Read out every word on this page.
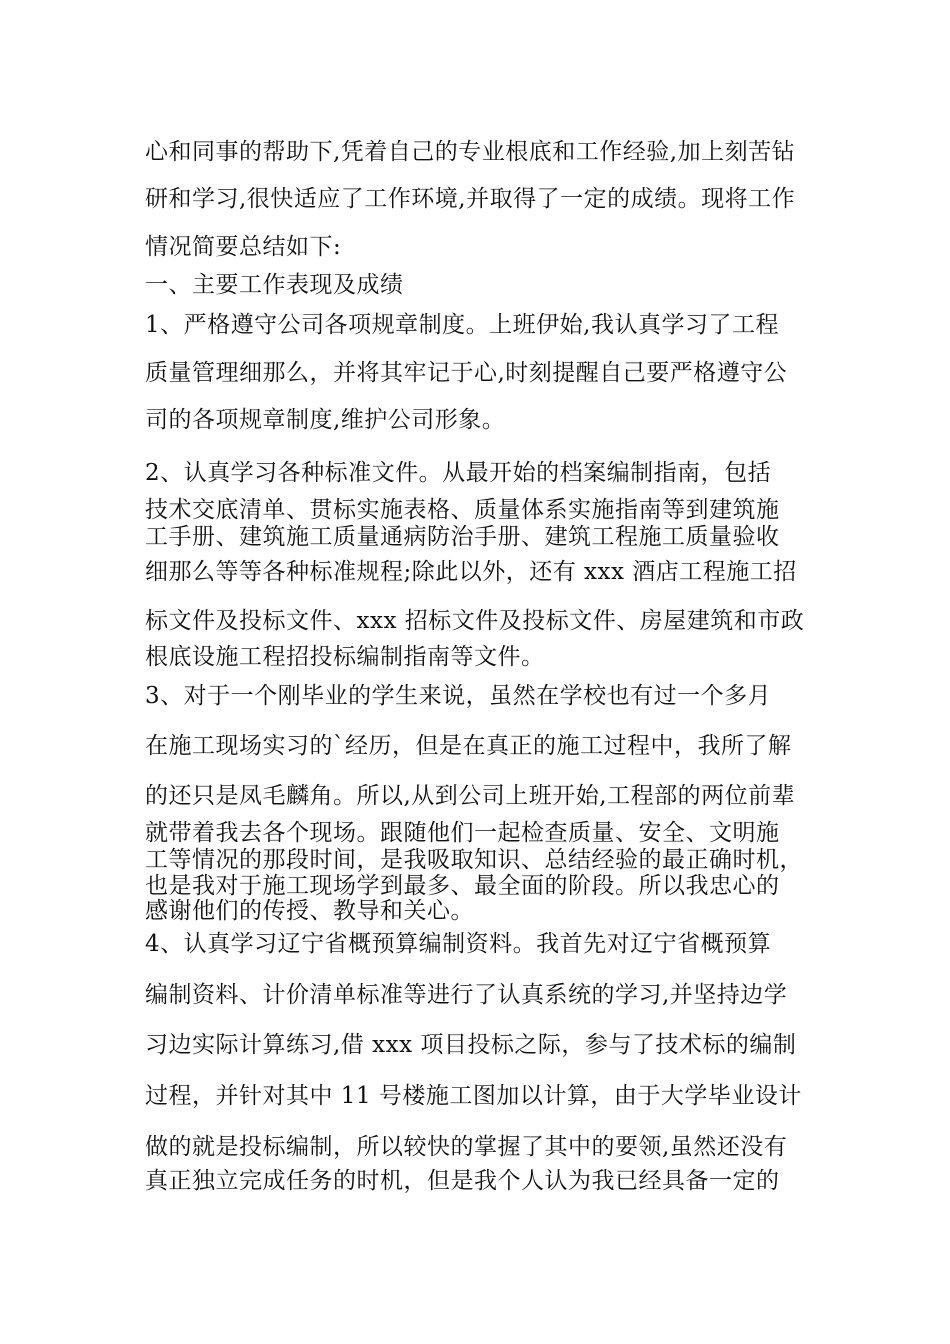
心和同事的帮助下,凭着自己的专业根底和工作经验,加上刻苦钻
研和学习,很快适应了工作环境,并取得了一定的成绩。现将工作
情况简要总结如下:
一、主要工作表现及成绩
1、严格遵守公司各项规章制度。上班伊始,我认真学习了工程
质量管理细那么，并将其牢记于心,时刻提醒自己要严格遵守公
司的各项规章制度,维护公司形象。
2、认真学习各种标准文件。从最开始的档案编制指南，包括
技术交底清单、贯标实施表格、质量体系实施指南等到建筑施
工手册、建筑施工质量通病防治手册、建筑工程施工质量验收
细那么等等各种标准规程;除此以外，还有 xxx 酒店工程施工招
标文件及投标文件、xxx 招标文件及投标文件、房屋建筑和市政
根底设施工程招投标编制指南等文件。
3、对于一个刚毕业的学生来说，虽然在学校也有过一个多月
在施工现场实习的`经历，但是在真正的施工过程中，我所了解
的还只是凤毛麟角。所以,从到公司上班开始,工程部的两位前辈
就带着我去各个现场。跟随他们一起检查质量、安全、文明施
工等情况的那段时间，是我吸取知识、总结经验的最正确时机，
也是我对于施工现场学到最多、最全面的阶段。所以我忠心的
感谢他们的传授、教导和关心。
4、认真学习辽宁省概预算编制资料。我首先对辽宁省概预算
编制资料、计价清单标准等进行了认真系统的学习,并坚持边学
习边实际计算练习,借 xxx 项目投标之际，参与了技术标的编制
过程，并针对其中 11 号楼施工图加以计算，由于大学毕业设计
做的就是投标编制，所以较快的掌握了其中的要领,虽然还没有
真正独立完成任务的时机，但是我个人认为我已经具备一定的
